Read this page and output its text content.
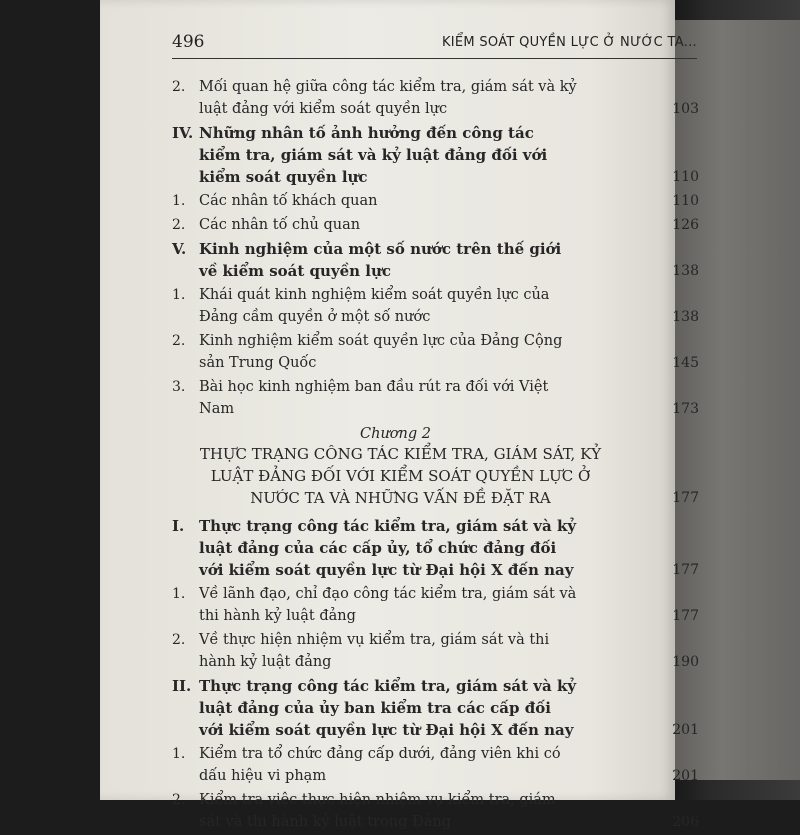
496	KIỂM SOÁT QUYỀN LỰC Ở NƯỚC TA...
2. Mối quan hệ giữa công tác kiểm tra, giám sát và kỷ luật đảng với kiểm soát quyền lực	103
IV. Những nhân tố ảnh hưởng đến công tác kiểm tra, giám sát và kỷ luật đảng đối với kiểm soát quyền lực	110
1. Các nhân tố khách quan	110
2. Các nhân tố chủ quan	126
V. Kinh nghiệm của một số nước trên thế giới về kiểm soát quyền lực	138
1. Khái quát kinh nghiệm kiểm soát quyền lực của Đảng cầm quyền ở một số nước	138
2. Kinh nghiệm kiểm soát quyền lực của Đảng Cộng sản Trung Quốc	145
3. Bài học kinh nghiệm ban đầu rút ra đối với Việt Nam	173
Chương 2
THỰC TRẠNG CÔNG TÁC KIỂM TRA, GIÁM SÁT, KỶ LUẬT ĐẢNG ĐỐI VỚI KIỂM SOÁT QUYỀN LỰC Ở NƯỚC TA VÀ NHỮNG VẤN ĐỀ ĐẶT RA	177
I. Thực trạng công tác kiểm tra, giám sát và kỷ luật đảng của các cấp ủy, tổ chức đảng đối với kiểm soát quyền lực từ Đại hội X đến nay	177
1. Về lãnh đạo, chỉ đạo công tác kiểm tra, giám sát và thi hành kỷ luật đảng	177
2. Về thực hiện nhiệm vụ kiểm tra, giám sát và thi hành kỷ luật đảng	190
II. Thực trạng công tác kiểm tra, giám sát và kỷ luật đảng của ủy ban kiểm tra các cấp đối với kiểm soát quyền lực từ Đại hội X đến nay	201
1. Kiểm tra tổ chức đảng cấp dưới, đảng viên khi có dấu hiệu vi phạm	201
2. Kiểm tra việc thực hiện nhiệm vụ kiểm tra, giám sát và thi hành kỷ luật trong Đảng	206
